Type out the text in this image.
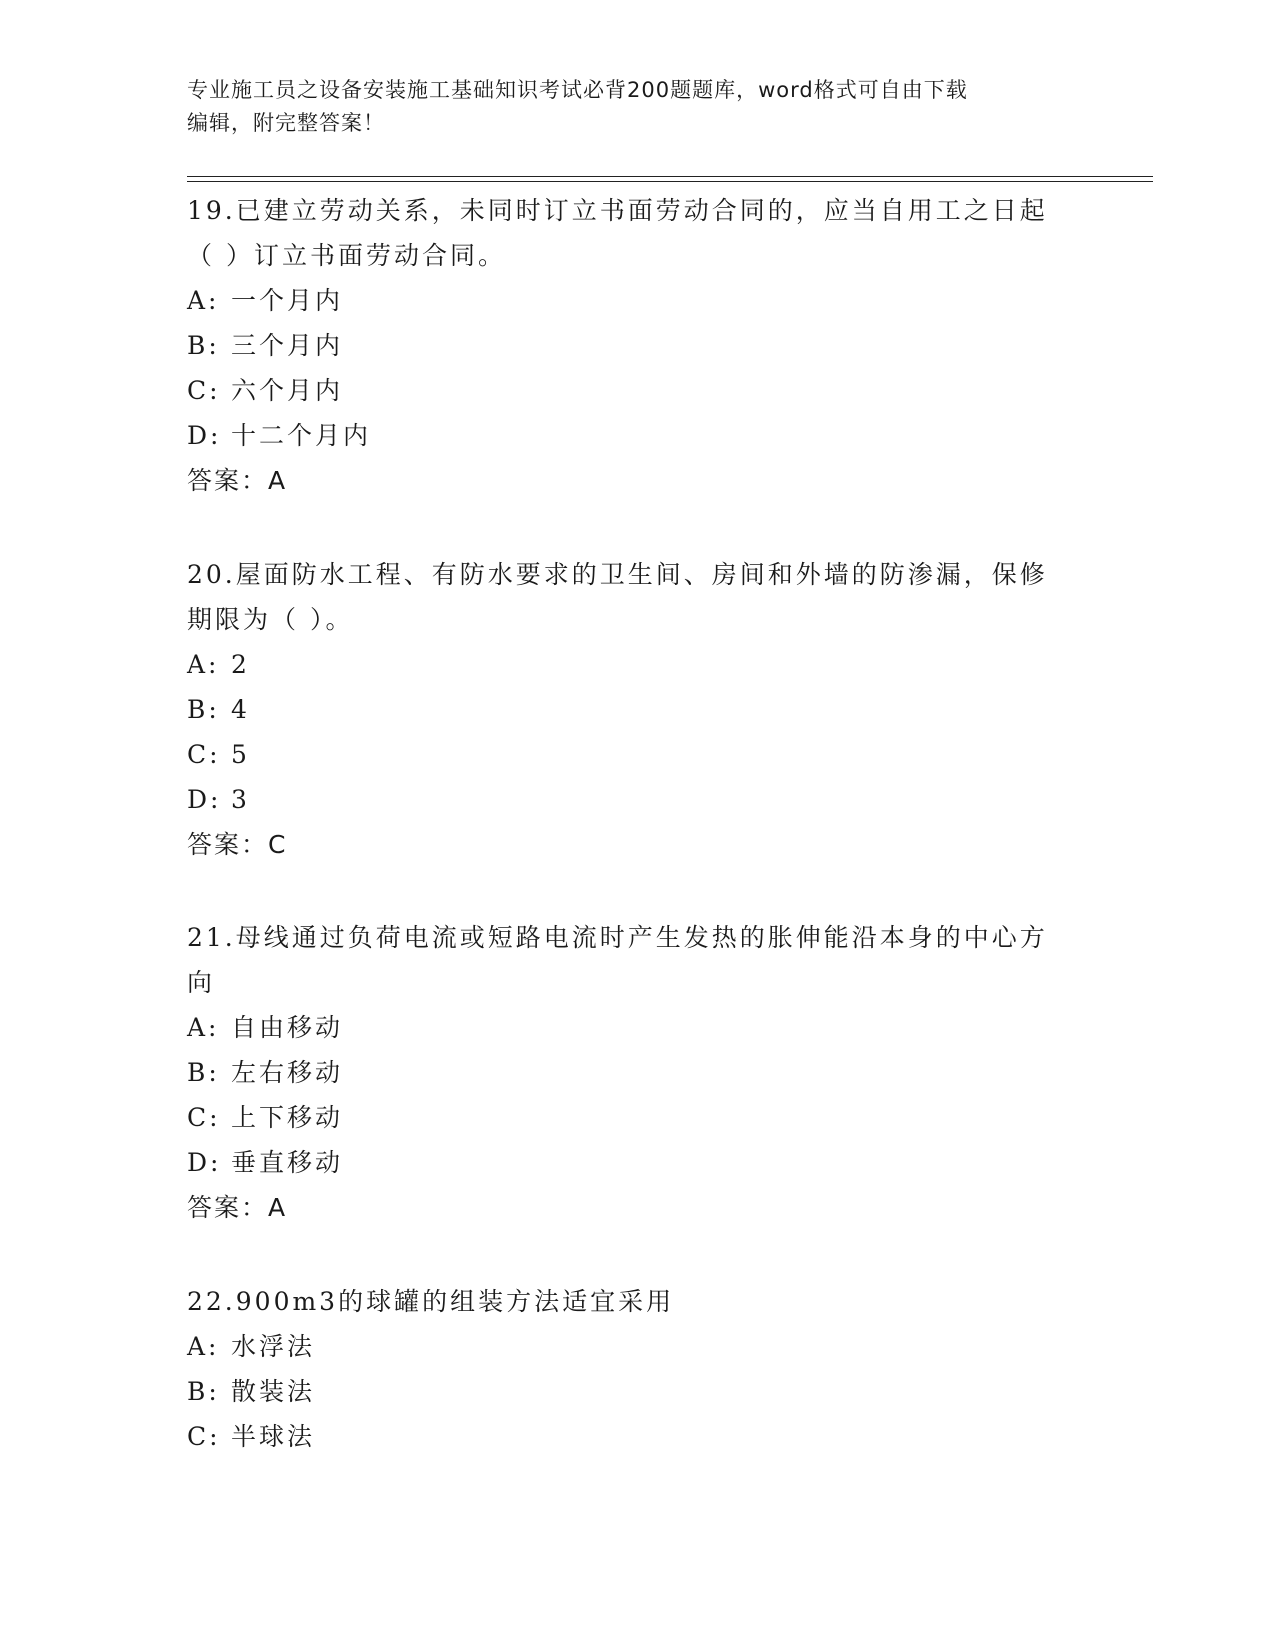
专业施工员之设备安装施工基础知识考试必背200题题库，word格式可自由下载
编辑，附完整答案！
19.已建立劳动关系，未同时订立书面劳动合同的，应当自用工之日起
（ ）订立书面劳动合同。
A: 一个月内
B: 三个月内
C: 六个月内
D: 十二个月内
答案：A
20.屋面防水工程、有防水要求的卫生间、房间和外墙的防渗漏，保修
期限为（ ）。
A: 2
B: 4
C: 5
D: 3
答案：C
21.母线通过负荷电流或短路电流时产生发热的胀伸能沿本身的中心方
向
A: 自由移动
B: 左右移动
C: 上下移动
D: 垂直移动
答案：A
22.900m3的球罐的组装方法适宜采用
A: 水浮法
B: 散装法
C: 半球法
